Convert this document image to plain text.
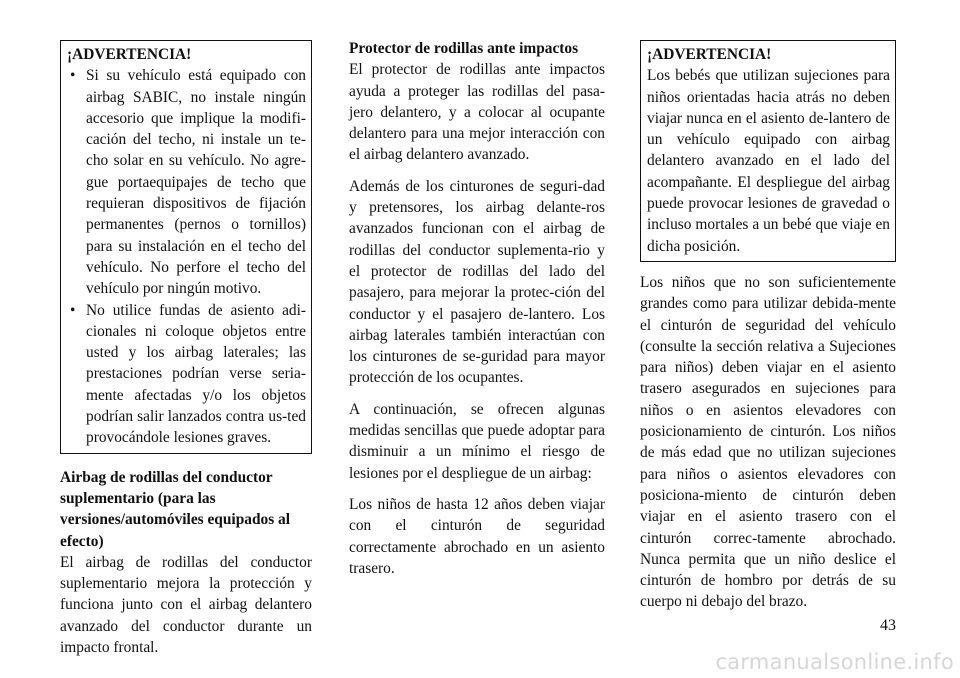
¡ADVERTENCIA!
• Si su vehículo está equipado con airbag SABIC, no instale ningún accesorio que implique la modifi-cación del techo, ni instale un te-cho solar en su vehículo. No agre-gue portaequipajes de techo que requieran dispositivos de fijación permanentes (pernos o tornillos) para su instalación en el techo del vehículo. No perfore el techo del vehículo por ningún motivo.
• No utilice fundas de asiento adi-cionales ni coloque objetos entre usted y los airbag laterales; las prestaciones podrían verse seria-mente afectadas y/o los objetos podrían salir lanzados contra us-ted provocándole lesiones graves.
Airbag de rodillas del conductor suplementario (para las versiones/automóviles equipados al efecto)

El airbag de rodillas del conductor suplementario mejora la protección y funciona junto con el airbag delantero avanzado del conductor durante un impacto frontal.

Protector de rodillas ante impactos

El protector de rodillas ante impactos ayuda a proteger las rodillas del pasa-jero delantero, y a colocar al ocupante delantero para una mejor interacción con el airbag delantero avanzado.

Además de los cinturones de seguri-dad y pretensores, los airbag delante-ros avanzados funcionan con el airbag de rodillas del conductor suplementa-rio y el protector de rodillas del lado del pasajero, para mejorar la protec-ción del conductor y el pasajero de-lantero. Los airbag laterales también interactúan con los cinturones de se-guridad para mayor protección de los ocupantes.

A continuación, se ofrecen algunas medidas sencillas que puede adoptar para disminuir a un mínimo el riesgo de lesiones por el despliegue de un airbag:

Los niños de hasta 12 años deben viajar con el cinturón de seguridad correctamente abrochado en un asiento trasero.

¡ADVERTENCIA!

Los bebés que utilizan sujeciones para niños orientadas hacia atrás no deben viajar nunca en el asiento de-lantero de un vehículo equipado con airbag delantero avanzado en el lado del acompañante. El despliegue del airbag puede provocar lesiones de gravedad o incluso mortales a un bebé que viaje en dicha posición.

Los niños que no son suficientemente grandes como para utilizar debida-mente el cinturón de seguridad del vehículo (consulte la sección relativa a Sujeciones para niños) deben viajar en el asiento trasero asegurados en sujeciones para niños o en asientos elevadores con posicionamiento de cinturón. Los niños de más edad que no utilizan sujeciones para niños o asientos elevadores con posiciona-miento de cinturón deben viajar en el asiento trasero con el cinturón correc-tamente abrochado. Nunca permita que un niño deslice el cinturón de hombro por detrás de su cuerpo ni debajo del brazo.

43
carmanualsonline.info
